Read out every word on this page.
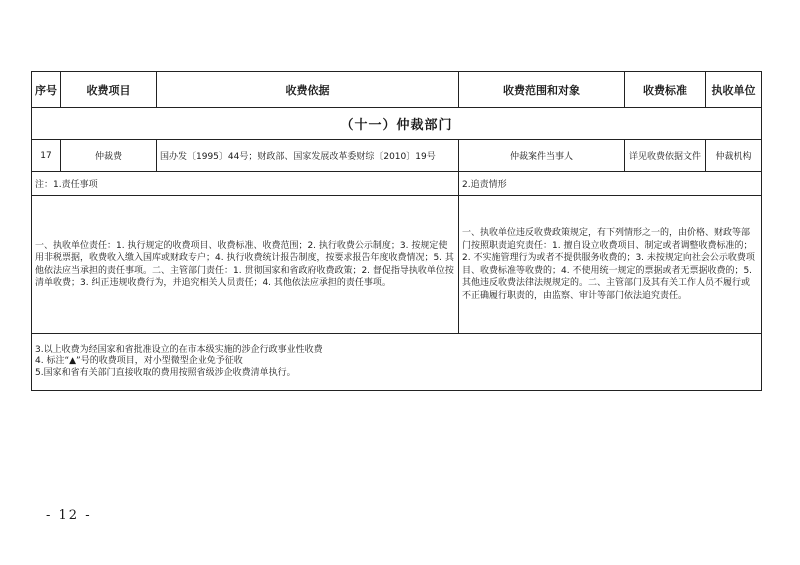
序号	收费项目	收费依据	收费范围和对象	收费标准	执收单位
（十一）仲裁部门					
17	仲裁费	国办发〔1995〕44号；财政部、国家发展改革委财综〔2010〕19号	仲裁案件当事人	详见收费依据文件	仲裁机构
注：1.责任事项			2.追责情形		
一、执收单位责任：1. 执行规定的收费项目、收费标准、收费范围；2. 执行收费公示制度；3. 按规定使用非税票据，收费收入缴入国库或财政专户；4. 执行收费统计报告制度，按要求报告年度收费情况；5. 其他依法应当承担的责任事项。二、主管部门责任：1. 贯彻国家和省政府收费政策；2. 督促指导执收单位按清单收费；3. 纠正违规收费行为，并追究相关人员责任；4. 其他依法应承担的责任事项。			一、执收单位违反收费政策规定，有下列情形之一的，由价格、财政等部门按照职责追究责任：1. 擅自设立收费项目、制定或者调整收费标准的；2. 不实施管理行为或者不提供服务收费的；3. 未按规定向社会公示收费项目、收费标准等收费的；4. 不使用统一规定的票据或者无票据收费的；5. 其他违反收费法律法规规定的。二、主管部门及其有关工作人员不履行或不正确履行职责的，由监察、审计等部门依法追究责任。		

3.以上收费为经国家和省批准设立的在市本级实施的涉企行政事业性收费
4. 标注“▲”号的收费项目，对小型微型企业免予征收
5.国家和省有关部门直接收取的费用按照省级涉企收费清单执行。					
- 12 -
